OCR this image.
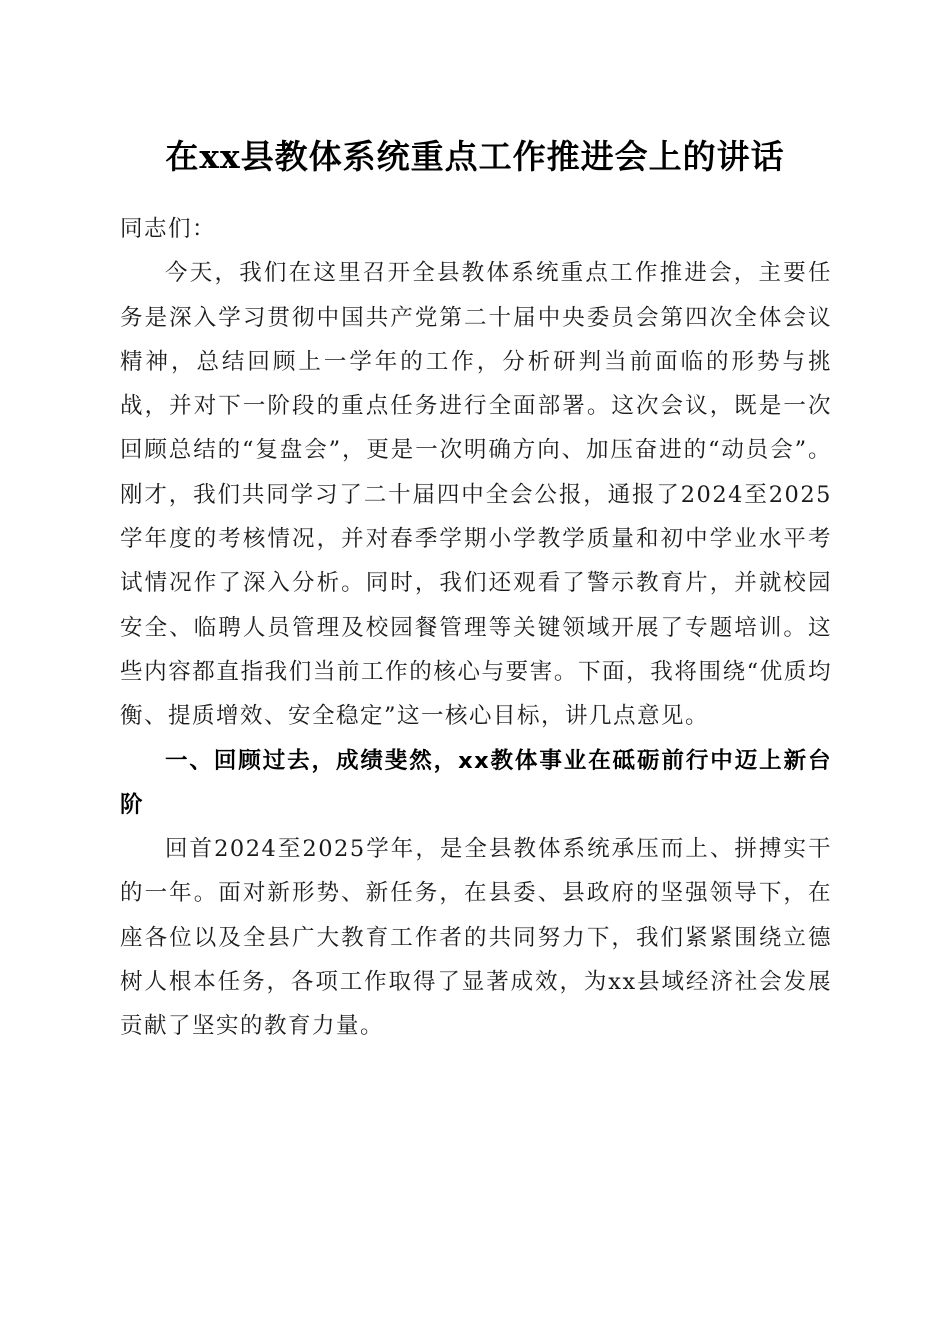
在xx县教体系统重点工作推进会上的讲话

同志们：

今天，我们在这里召开全县教体系统重点工作推进会，主要任务是深入学习贯彻中国共产党第二十届中央委员会第四次全体会议精神，总结回顾上一学年的工作，分析研判当前面临的形势与挑战，并对下一阶段的重点任务进行全面部署。这次会议，既是一次回顾总结的“复盘会”，更是一次明确方向、加压奋进的“动员会”。刚才，我们共同学习了二十届四中全会公报，通报了2024至2025学年度的考核情况，并对春季学期小学教学质量和初中学业水平考试情况作了深入分析。同时，我们还观看了警示教育片，并就校园安全、临聘人员管理及校园餐管理等关键领域开展了专题培训。这些内容都直指我们当前工作的核心与要害。下面，我将围绕“优质均衡、提质增效、安全稳定”这一核心目标，讲几点意见。

一、回顾过去，成绩斐然，xx教体事业在砥砺前行中迈上新台阶

回首2024至2025学年，是全县教体系统承压而上、拼搏实干的一年。面对新形势、新任务，在县委、县政府的坚强领导下，在座各位以及全县广大教育工作者的共同努力下，我们紧紧围绕立德树人根本任务，各项工作取得了显著成效，为xx县域经济社会发展贡献了坚实的教育力量。
